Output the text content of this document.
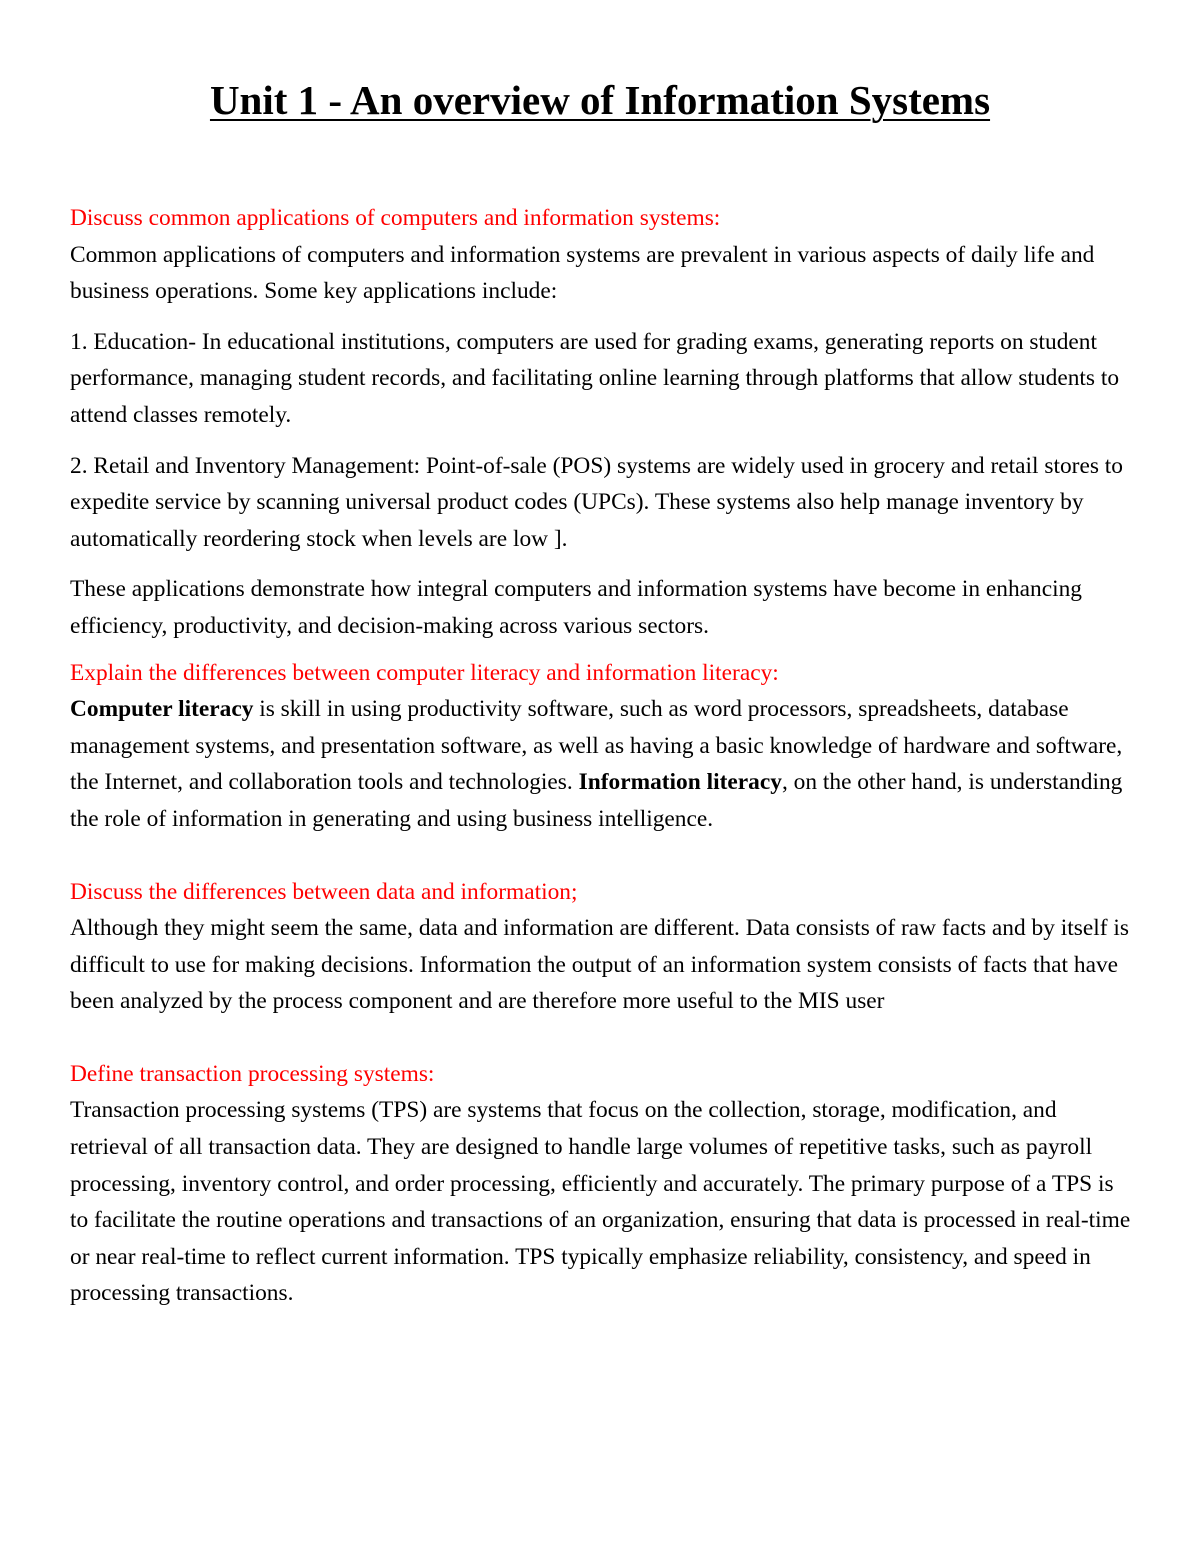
Unit 1 - An overview of Information Systems

Discuss common applications of computers and information systems:

Common applications of computers and information systems are prevalent in various aspects of daily life and business operations. Some key applications include:

1. Education- In educational institutions, computers are used for grading exams, generating reports on student performance, managing student records, and facilitating online learning through platforms that allow students to attend classes remotely.

2. Retail and Inventory Management: Point-of-sale (POS) systems are widely used in grocery and retail stores to expedite service by scanning universal product codes (UPCs). These systems also help manage inventory by automatically reordering stock when levels are low ].

These applications demonstrate how integral computers and information systems have become in enhancing efficiency, productivity, and decision-making across various sectors.

Explain the differences between computer literacy and information literacy:

Computer literacy is skill in using productivity software, such as word processors, spreadsheets, database management systems, and presentation software, as well as having a basic knowledge of hardware and software, the Internet, and collaboration tools and technologies. Information literacy, on the other hand, is understanding the role of information in generating and using business intelligence.

Discuss the differences between data and information;

Although they might seem the same, data and information are different. Data consists of raw facts and by itself is difficult to use for making decisions. Information the output of an information system consists of facts that have been analyzed by the process component and are therefore more useful to the MIS user

Define transaction processing systems:

Transaction processing systems (TPS) are systems that focus on the collection, storage, modification, and retrieval of all transaction data. They are designed to handle large volumes of repetitive tasks, such as payroll processing, inventory control, and order processing, efficiently and accurately. The primary purpose of a TPS is to facilitate the routine operations and transactions of an organization, ensuring that data is processed in real-time or near real-time to reflect current information. TPS typically emphasize reliability, consistency, and speed in processing transactions.
